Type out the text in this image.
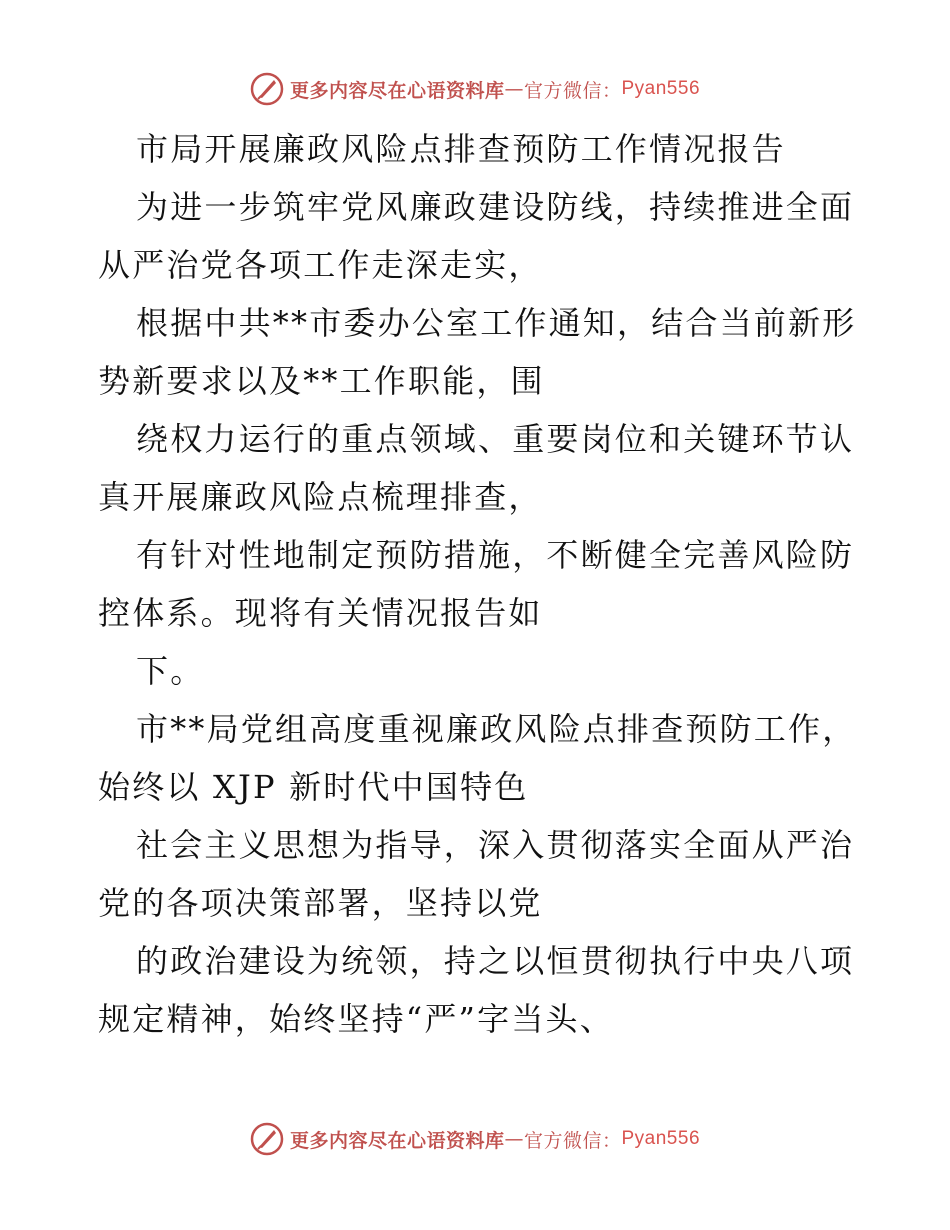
更多内容尽在心语资料库 — 官方微信： Pyan556
市局开展廉政风险点排查预防工作情况报告
为进一步筑牢党风廉政建设防线，持续推进全面
从严治党各项工作走深走实，
根据中共**市委办公室工作通知，结合当前新形
势新要求以及**工作职能，围
绕权力运行的重点领域、重要岗位和关键环节认
真开展廉政风险点梳理排查，
有针对性地制定预防措施，不断健全完善风险防
控体系。现将有关情况报告如
下。
市**局党组高度重视廉政风险点排查预防工作，
始终以 XJP 新时代中国特色
社会主义思想为指导，深入贯彻落实全面从严治
党的各项决策部署，坚持以党
的政治建设为统领，持之以恒贯彻执行中央八项
规定精神，始终坚持“严”字当头、
更多内容尽在心语资料库 — 官方微信： Pyan556
